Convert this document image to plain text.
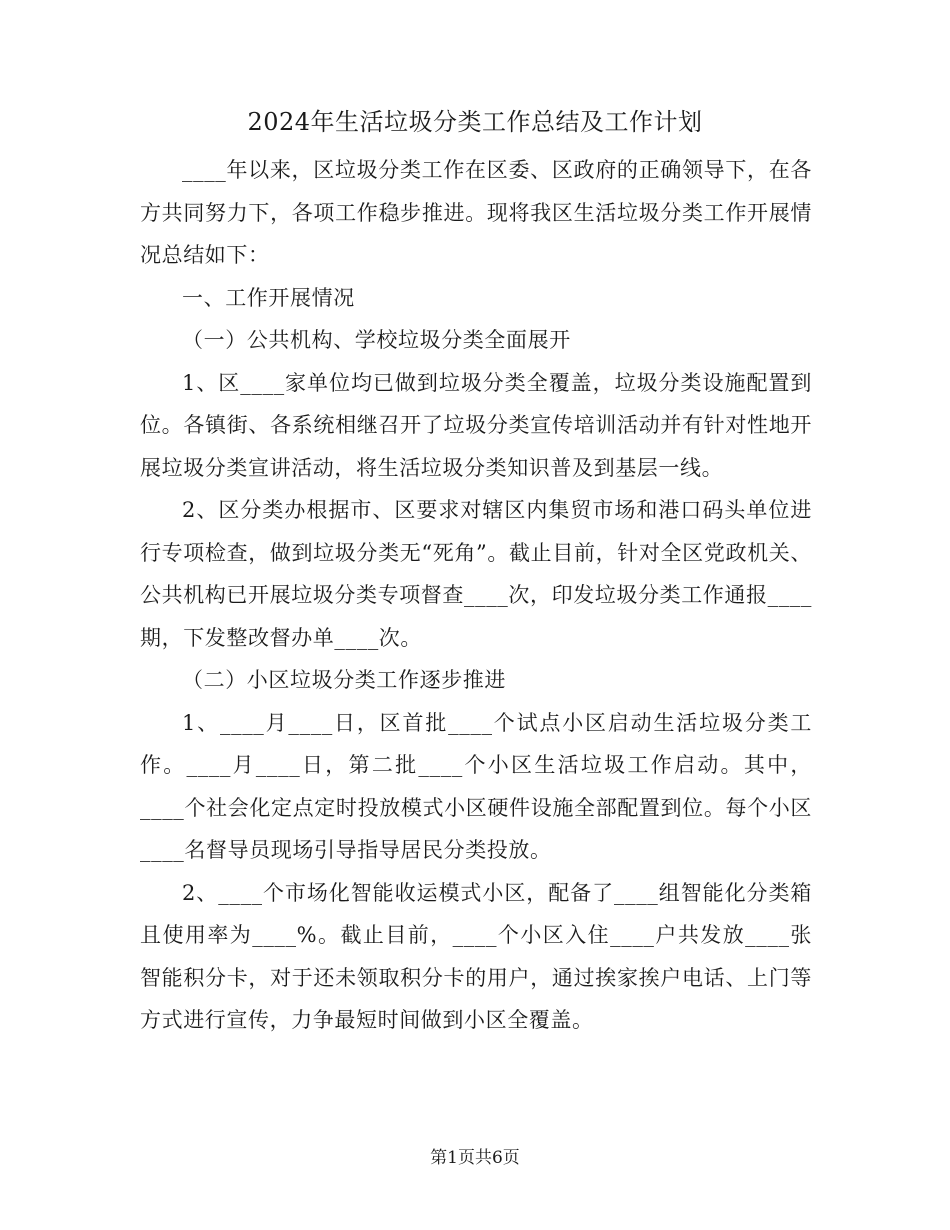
2024年生活垃圾分类工作总结及工作计划

____年以来，区垃圾分类工作在区委、区政府的正确领导下，在各方共同努力下，各项工作稳步推进。现将我区生活垃圾分类工作开展情况总结如下：

一、工作开展情况

（一）公共机构、学校垃圾分类全面展开

1、区____家单位均已做到垃圾分类全覆盖，垃圾分类设施配置到位。各镇街、各系统相继召开了垃圾分类宣传培训活动并有针对性地开展垃圾分类宣讲活动，将生活垃圾分类知识普及到基层一线。

2、区分类办根据市、区要求对辖区内集贸市场和港口码头单位进行专项检查，做到垃圾分类无“死角”。截止目前，针对全区党政机关、公共机构已开展垃圾分类专项督查____次，印发垃圾分类工作通报____期，下发整改督办单____次。

（二）小区垃圾分类工作逐步推进

1、____月____日，区首批____个试点小区启动生活垃圾分类工作。____月____日，第二批____个小区生活垃圾工作启动。其中，____个社会化定点定时投放模式小区硬件设施全部配置到位。每个小区____名督导员现场引导指导居民分类投放。

2、____个市场化智能收运模式小区，配备了____组智能化分类箱且使用率为____%。截止目前，____个小区入住____户共发放____张智能积分卡，对于还未领取积分卡的用户，通过挨家挨户电话、上门等方式进行宣传，力争最短时间做到小区全覆盖。

第1页共6页
